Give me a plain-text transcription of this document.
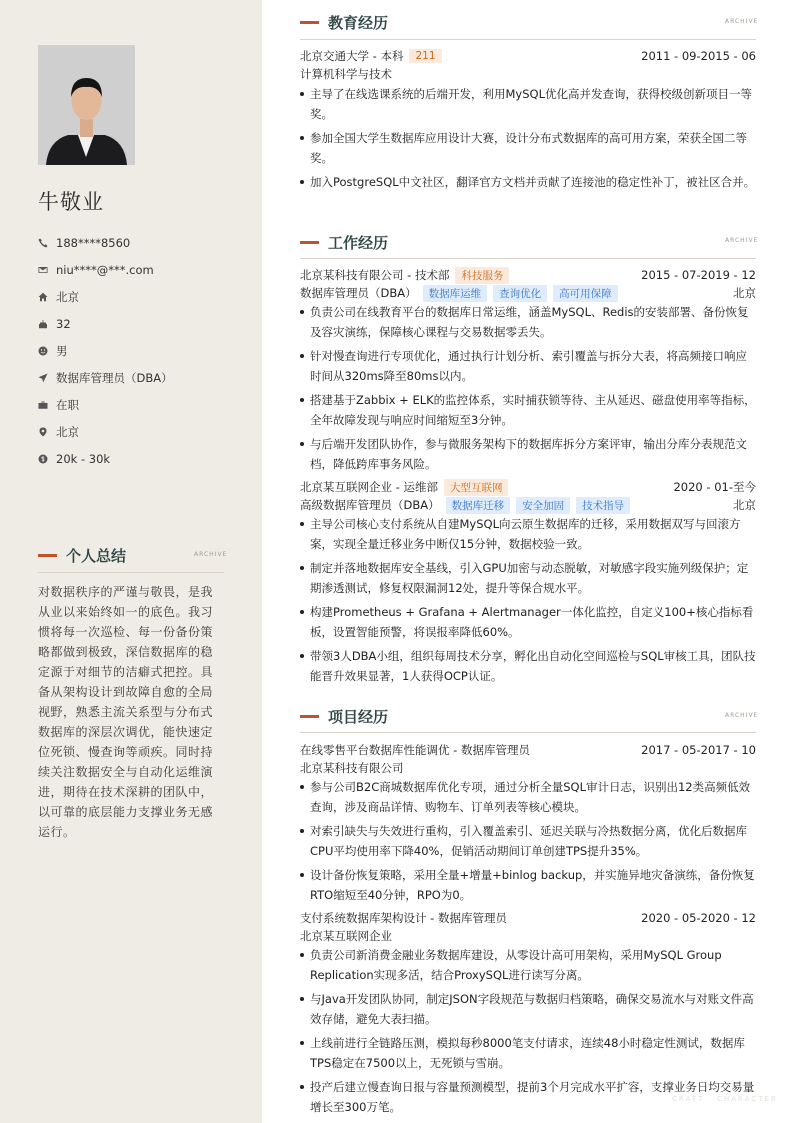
牛敬业
188****8560
niu****@***.com
北京
32
男
数据库管理员（DBA）
在职
北京
20k - 30k
个人总结	ARCHIVE
对数据秩序的严谨与敬畏，是我从业以来始终如一的底色。我习惯将每一次巡检、每一份备份策略都做到极致，深信数据库的稳定源于对细节的洁癖式把控。具备从架构设计到故障自愈的全局视野，熟悉主流关系型与分布式数据库的深层次调优，能快速定位死锁、慢查询等顽疾。同时持续关注数据安全与自动化运维演进，期待在技术深耕的团队中，以可靠的底层能力支撑业务无感运行。
教育经历	ARCHIVE
北京交通大学 - 本科	211	2011 - 09-2015 - 06
计算机科学与技术
主导了在线选课系统的后端开发，利用MySQL优化高并发查询，获得校级创新项目一等奖。
参加全国大学生数据库应用设计大赛，设计分布式数据库的高可用方案，荣获全国二等奖。
加入PostgreSQL中文社区，翻译官方文档并贡献了连接池的稳定性补丁，被社区合并。
工作经历	ARCHIVE
北京某科技有限公司 - 技术部	科技服务	2015 - 07-2019 - 12
数据库管理员（DBA）	数据库运维	查询优化	高可用保障	北京
负责公司在线教育平台的数据库日常运维，涵盖MySQL、Redis的安装部署、备份恢复及容灾演练，保障核心课程与交易数据零丢失。
针对慢查询进行专项优化，通过执行计划分析、索引覆盖与拆分大表，将高频接口响应时间从320ms降至80ms以内。
搭建基于Zabbix + ELK的监控体系，实时捕获锁等待、主从延迟、磁盘使用率等指标，全年故障发现与响应时间缩短至3分钟。
与后端开发团队协作，参与微服务架构下的数据库拆分方案评审，输出分库分表规范文档，降低跨库事务风险。
北京某互联网企业 - 运维部	大型互联网	2020 - 01-至今
高级数据库管理员（DBA）	数据库迁移	安全加固	技术指导	北京
主导公司核心支付系统从自建MySQL向云原生数据库的迁移，采用数据双写与回滚方案，实现全量迁移业务中断仅15分钟，数据校验一致。
制定并落地数据库安全基线，引入GPU加密与动态脱敏，对敏感字段实施列级保护；定期渗透测试，修复权限漏洞12处，提升等保合规水平。
构建Prometheus + Grafana + Alertmanager一体化监控，自定义100+核心指标看板，设置智能预警，将误报率降低60%。
带领3人DBA小组，组织每周技术分享，孵化出自动化空间巡检与SQL审核工具，团队技能晋升效果显著，1人获得OCP认证。
项目经历	ARCHIVE
在线零售平台数据库性能调优 - 数据库管理员	2017 - 05-2017 - 10
北京某科技有限公司
参与公司B2C商城数据库优化专项，通过分析全量SQL审计日志，识别出12类高频低效查询，涉及商品详情、购物车、订单列表等核心模块。
对索引缺失与失效进行重构，引入覆盖索引、延迟关联与冷热数据分离，优化后数据库CPU平均使用率下降40%，促销活动期间订单创建TPS提升35%。
设计备份恢复策略，采用全量+增量+binlog backup，并实施异地灾备演练，备份恢复RTO缩短至40分钟，RPO为0。
支付系统数据库架构设计 - 数据库管理员	2020 - 05-2020 - 12
北京某互联网企业
负责公司新消费金融业务数据库建设，从零设计高可用架构，采用MySQL Group Replication实现多活，结合ProxySQL进行读写分离。
与Java开发团队协同，制定JSON字段规范与数据归档策略，确保交易流水与对账文件高效存储，避免大表扫描。
上线前进行全链路压测，模拟每秒8000笔支付请求，连续48小时稳定性测试，数据库TPS稳定在7500以上，无死锁与雪崩。
投产后建立慢查询日报与容量预测模型，提前3个月完成水平扩容，支撑业务日均交易量增长至300万笔。
CRAFT · CHARACTER
